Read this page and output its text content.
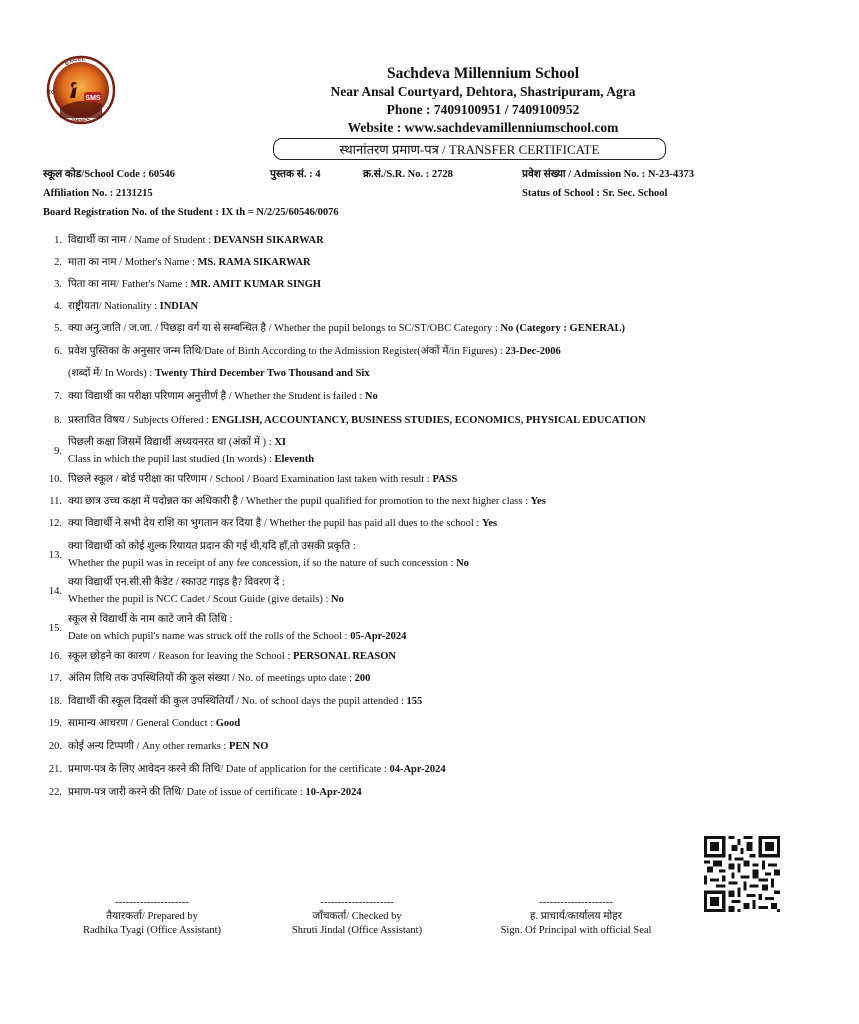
SMS
EXCEL
SHINES
TO
Sachdeva Millennium School
Near Ansal Courtyard, Dehtora, Shastripuram, Agra
Phone : 7409100951 / 7409100952
Website : www.sachdevamillenniumschool.com
स्थानांतरण प्रमाण-पत्र / TRANSFER CERTIFICATE
स्कूल कोड/School Code : 60546	पुस्तक सं. : 4	क्र.सं./S.R. No. : 2728	प्रवेश संख्या / Admission No. : N-23-4373
Affiliation No. : 2131215	Status of School : Sr. Sec. School
Board Registration No. of the Student : IX th = N/2/25/60546/0076
1. विद्यार्थी का नाम / Name of Student : DEVANSH SIKARWAR
2. माता का नाम / Mother's Name : MS. RAMA SIKARWAR
3. पिता का नाम/ Father's Name : MR. AMIT KUMAR SINGH
4. राष्ट्रीयता/ Nationality : INDIAN
5. क्या अनु.जाति / ज.जा. / पिछड़ा वर्ग या से सम्बन्धित है / Whether the pupil belongs to SC/ST/OBC Category : No (Category : GENERAL)
6. प्रवेश पुस्तिका के अनुसार जन्म तिथि/Date of Birth According to the Admission Register(अंकों में/in Figures) : 23-Dec-2006
(शब्दों में/ In Words) : Twenty Third December Two Thousand and Six
7. क्या विद्यार्थी का परीक्षा परिणाम अनुत्तीर्ण है / Whether the Student is failed : No
8. प्रस्तावित विषय / Subjects Offered : ENGLISH, ACCOUNTANCY, BUSINESS STUDIES, ECONOMICS, PHYSICAL EDUCATION
9.
पिछली कक्षा जिसमें विद्यार्थी अध्ययनरत था (अंकों में ) : XI
Class in which the pupil last studied (In words) : Eleventh
10. पिछले स्कूल / बोर्ड परीक्षा का परिणाम / School / Board Examination last taken with result : PASS
11. क्या छात्र उच्च कक्षा में पदोन्नत का अधिकारी है / Whether the pupil qualified for promotion to the next higher class : Yes
12. क्या विद्यार्थी ने सभी देय राशि का भुगतान कर दिया है / Whether the pupil has paid all dues to the school : Yes
13.
क्या विद्यार्थी को कोई शुल्क रियायत प्रदान की गई थी,यदि हाँ,तो उसकी प्रकृति :
Whether the pupil was in receipt of any fee concession, if so the nature of such concession : No
14.
क्या विद्यार्थी एन.सी.सी कैडेट / स्काउट गाइड है? विवरण दें :
Whether the pupil is NCC Cadet / Scout Guide (give details) : No
15.
स्कूल से विद्यार्थी के नाम काटे जाने की तिथि :
Date on which pupil's name was struck off the rolls of the School : 05-Apr-2024
16. स्कूल छोड़ने का कारण / Reason for leaving the School : PERSONAL REASON
17. अंतिम तिथि तक उपस्थितियों की कुल संख्या / No. of meetings upto date : 200
18. विद्यार्थी की स्कूल दिवसों की कुल उपस्थितियाँ / No. of school days the pupil attended : 155
19. सामान्य आचरण / General Conduct : Good
20. कोई अन्य टिप्पणी / Any other remarks : PEN NO
21. प्रमाण-पत्र के लिए आवेदन करने की तिथि/ Date of application for the certificate : 04-Apr-2024
22. प्रमाण-पत्र जारी करने की तिथि/ Date of issue of certificate : 10-Apr-2024
---------------------
तैयारकर्ता/ Prepared by
Radhika Tyagi (Office Assistant)
---------------------
जाँचकर्ता/ Checked by
Shruti Jindal (Office Assistant)
---------------------
ह. प्राचार्य/कार्यालय मोहर
Sign. Of Principal with official Seal
